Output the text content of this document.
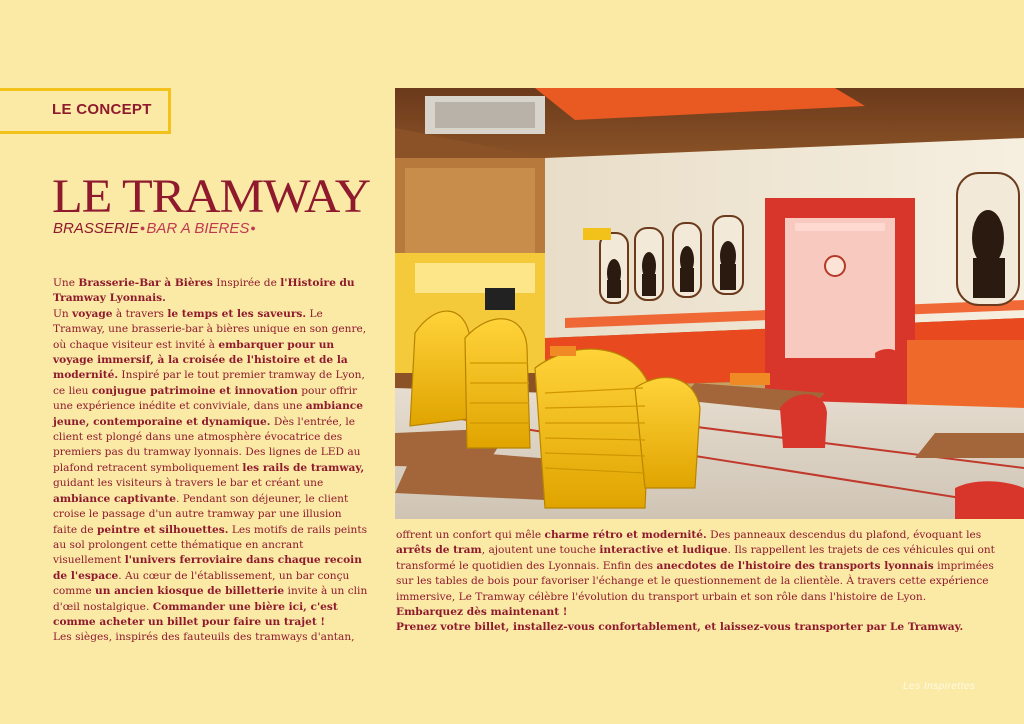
LE CONCEPT
LE TRAMWAY
BRASSERIE●BAR A BIERES●
Une Brasserie-Bar à Bières Inspirée de l'Histoire du Tramway Lyonnais.
Un voyage à travers le temps et les saveurs. Le Tramway, une brasserie-bar à bières unique en son genre, où chaque visiteur est invité à embarquer pour un voyage immersif, à la croisée de l'histoire et de la modernité. Inspiré par le tout premier tramway de Lyon, ce lieu conjugue patrimoine et innovation pour offrir une expérience inédite et conviviale, dans une ambiance jeune, contemporaine et dynamique. Dès l'entrée, le client est plongé dans une atmosphère évocatrice des premiers pas du tramway lyonnais. Des lignes de LED au plafond retracent symboliquement les rails de tramway, guidant les visiteurs à travers le bar et créant une ambiance captivante. Pendant son déjeuner, le client croise le passage d'un autre tramway par une illusion faite de peintre et silhouettes. Les motifs de rails peints au sol prolongent cette thématique en ancrant visuellement l'univers ferroviaire dans chaque recoin de l'espace. Au cœur de l'établissement, un bar conçu comme un ancien kiosque de billetterie invite à un clin d'œil nostalgique. Commander une bière ici, c'est comme acheter un billet pour faire un trajet !
Les sièges, inspirés des fauteuils des tramways d'antan,
offrent un confort qui mêle charme rétro et modernité. Des panneaux descendus du plafond, évoquant les arrêts de tram, ajoutent une touche interactive et ludique. Ils rappellent les trajets de ces véhicules qui ont transformé le quotidien des Lyonnais. Enfin des anecdotes de l'histoire des transports lyonnais imprimées sur les tables de bois pour favoriser l'échange et le questionnement de la clientèle. À travers cette expérience immersive, Le Tramway célèbre l'évolution du transport urbain et son rôle dans l'histoire de Lyon.
Embarquez dès maintenant !
Prenez votre billet, installez-vous confortablement, et laissez-vous transporter par Le Tramway.
Les Inspirettes
